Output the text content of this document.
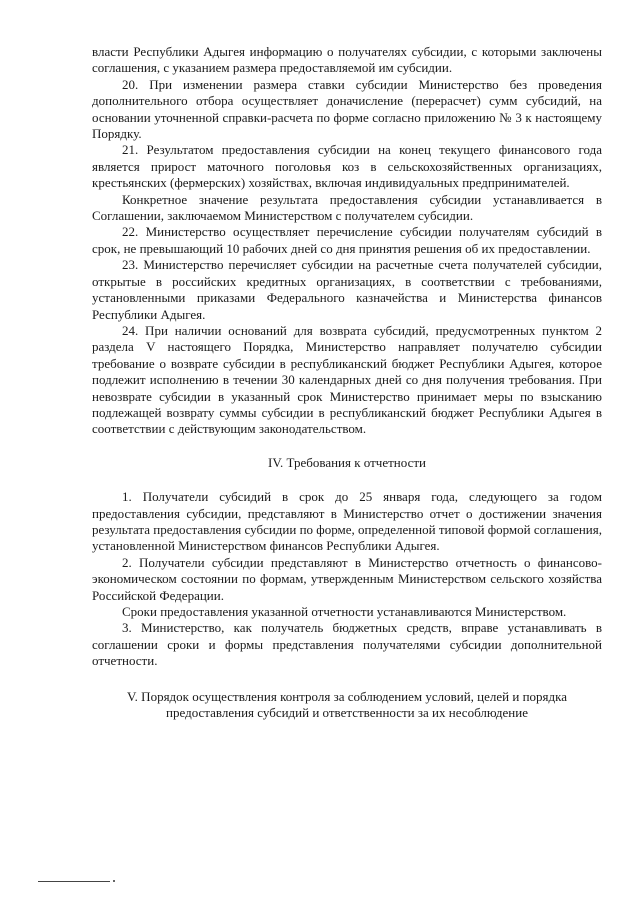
власти Республики Адыгея информацию о получателях субсидии, с которыми заключены соглашения, с указанием размера предоставляемой им субсидии.

20. При изменении размера ставки субсидии Министерство без проведения дополнительного отбора осуществляет доначисление (перерасчет) сумм субсидий, на основании уточненной справки-расчета по форме согласно приложению № 3 к настоящему Порядку.

21. Результатом предоставления субсидии на конец текущего финансового года является прирост маточного поголовья коз в сельскохозяйственных организациях, крестьянских (фермерских) хозяйствах, включая индивидуальных предпринимателей.

Конкретное значение результата предоставления субсидии устанавливается в Соглашении, заключаемом Министерством с получателем субсидии.

22. Министерство осуществляет перечисление субсидии получателям субсидий в срок, не превышающий 10 рабочих дней со дня принятия решения об их предоставлении.

23. Министерство перечисляет субсидии на расчетные счета получателей субсидии, открытые в российских кредитных организациях, в соответствии с требованиями, установленными приказами Федерального казначейства и Министерства финансов Республики Адыгея.

24. При наличии оснований для возврата субсидий, предусмотренных пунктом 2 раздела V настоящего Порядка, Министерство направляет получателю субсидии требование о возврате субсидии в республиканский бюджет Республики Адыгея, которое подлежит исполнению в течении 30 календарных дней со дня получения требования. При невозврате субсидии в указанный срок Министерство принимает меры по взысканию подлежащей возврату суммы субсидии в республиканский бюджет Республики Адыгея в соответствии с действующим законодательством.

IV. Требования к отчетности

1. Получатели субсидий в срок до 25 января года, следующего за годом предоставления субсидии, представляют в Министерство отчет о достижении значения результата предоставления субсидии по форме, определенной типовой формой соглашения, установленной Министерством финансов Республики Адыгея.

2. Получатели субсидии представляют в Министерство отчетность о финансово-экономическом состоянии по формам, утвержденным Министерством сельского хозяйства Российской Федерации.

Сроки предоставления указанной отчетности устанавливаются Министерством.

3. Министерство, как получатель бюджетных средств, вправе устанавливать в соглашении сроки и формы представления получателями субсидии дополнительной отчетности.

V. Порядок осуществления контроля за соблюдением условий, целей и порядка

предоставления субсидий и ответственности за их несоблюдение
